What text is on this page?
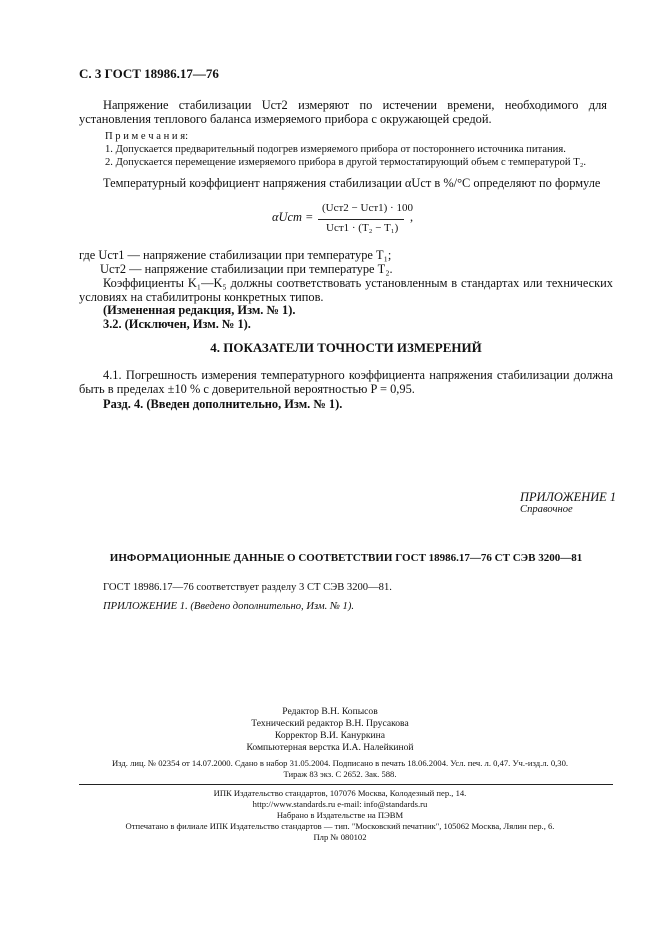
С. 3 ГОСТ 18986.17—76
Напряжение стабилизации Uст2 измеряют по истечении времени, необходимого для установления теплового баланса измеряемого прибора с окружающей средой.
П р и м е ч а н и я:
1. Допускается предварительный подогрев измеряемого прибора от постороннего источника питания.
2. Допускается перемещение измеряемого прибора в другой термостатирующий объем с температурой T₂.
Температурный коэффициент напряжения стабилизации αUст в %/°С определяют по формуле
αUст =
(Uст2 − Uст1) · 100
Uст1 · (T₂ − T₁)
,
где Uст1 — напряжение стабилизации при температуре T₁;
Uст2 — напряжение стабилизации при температуре T₂.
Коэффициенты K₁—K₅ должны соответствовать установленным в стандартах или технических условиях на стабилитроны конкретных типов.
(Измененная редакция, Изм. № 1).
3.2. (Исключен, Изм. № 1).
4. ПОКАЗАТЕЛИ ТОЧНОСТИ ИЗМЕРЕНИЙ
4.1. Погрешность измерения температурного коэффициента напряжения стабилизации должна быть в пределах ±10 % с доверительной вероятностью P = 0,95.
Разд. 4. (Введен дополнительно, Изм. № 1).
ПРИЛОЖЕНИЕ 1
Справочное
ИНФОРМАЦИОННЫЕ ДАННЫЕ О СООТВЕТСТВИИ ГОСТ 18986.17—76 СТ СЭВ 3200—81
ГОСТ 18986.17—76 соответствует разделу 3 СТ СЭВ 3200—81.
ПРИЛОЖЕНИЕ 1. (Введено дополнительно, Изм. № 1).
Редактор В.Н. Копысов
Технический редактор В.Н. Прусакова
Корректор В.И. Кануркина
Компьютерная верстка И.А. Налейкиной
Изд. лиц. № 02354 от 14.07.2000. Сдано в набор 31.05.2004. Подписано в печать 18.06.2004. Усл. печ. л. 0,47. Уч.-изд.л. 0,30.
Тираж 83 экз. С 2652. Зак. 588.
ИПК Издательство стандартов, 107076 Москва, Колодезный пер., 14.
http://www.standards.ru e-mail: info@standards.ru
Набрано в Издательстве на ПЭВМ
Отпечатано в филиале ИПК Издательство стандартов — тип. "Московский печатник", 105062 Москва, Лялин пер., 6.
Плр № 080102
